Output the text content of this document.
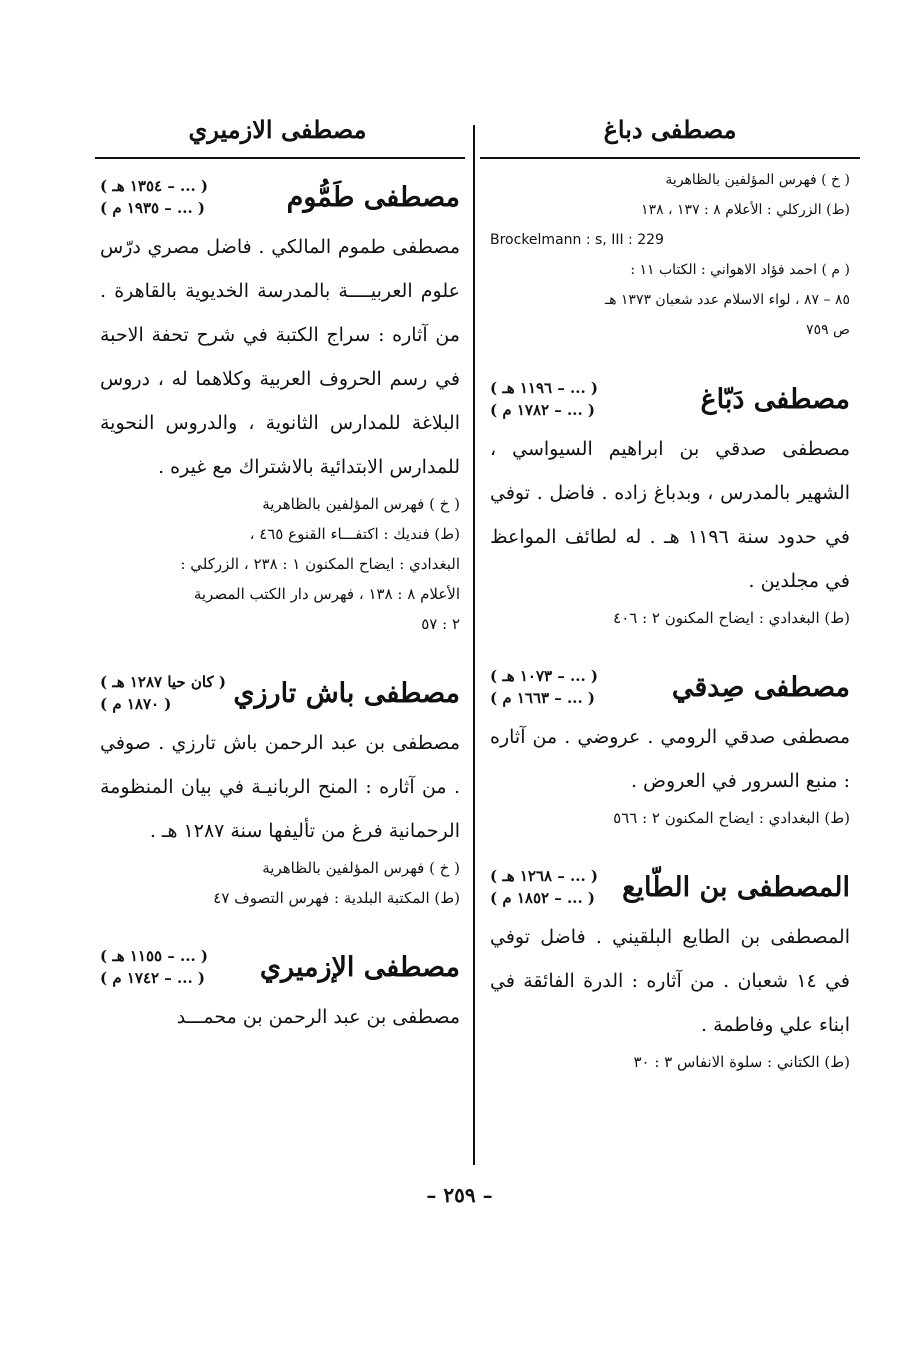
مصطفى دباغ
مصطفى الازميري
( خ ) فهرس المؤلفين بالظاهرية
(ط) الزركلي : الأعلام ٨ : ١٣٧ ، ١٣٨
Brockelmann : s, III : 229
( م ) احمد فؤاد الاهواني : الكتاب ١١ :
٨٥ – ٨٧ ، لواء الاسلام عدد شعبان ١٣٧٣ هـ
ص ٧٥٩
مصطفى دَبّاغ
( ... – ١١٩٦ هـ )
( ... – ١٧٨٢ م )
مصطفى صدقي بن ابراهيم السيواسي ، الشهير بالمدرس ، وبدباغ زاده . فاضل . توفي في حدود سنة ١١٩٦ هـ . له لطائف المواعظ في مجلدين .
(ط) البغدادي : ايضاح المكنون ٢ : ٤٠٦
مصطفى صِدقي
( ... – ١٠٧٣ هـ )
( ... – ١٦٦٣ م )
مصطفى صدقي الرومي . عروضي . من آثاره : منبع السرور في العروض .
(ط) البغدادي : ايضاح المكنون ٢ : ٥٦٦
المصطفى بن الطّايع
( ... – ١٢٦٨ هـ )
( ... – ١٨٥٢ م )
المصطفى بن الطايع البلقيني . فاضل توفي في ١٤ شعبان . من آثاره : الدرة الفائقة في ابناء علي وفاطمة .
(ط) الكتاني : سلوة الانفاس ٣ : ٣٠
مصطفى طَمُّوم
( ... – ١٣٥٤ هـ )
( ... – ١٩٣٥ م )
مصطفى طموم المالكي . فاضل مصري درّس علوم العربيــــة بالمدرسة الخديوية بالقاهرة . من آثاره : سراج الكتبة في شرح تحفة الاحبة في رسم الحروف العربية وكلاهما له ، دروس البلاغة للمدارس الثانوية ، والدروس النحوية للمدارس الابتدائية بالاشتراك مع غيره .
( خ ) فهرس المؤلفين بالظاهرية
(ط) فنديك : اكتفـــاء القنوع ٤٦٥ ،
البغدادي : ايضاح المكنون ١ : ٢٣٨ ، الزركلي :
الأعلام ٨ : ١٣٨ ، فهرس دار الكتب المصرية
٢ : ٥٧
مصطفى باش تارزي
( كان حيا ١٢٨٧ هـ )
( ١٨٧٠ م )
مصطفى بن عبد الرحمن باش تارزي . صوفي . من آثاره : المنح الربانيـة في بيان المنظومة الرحمانية فرغ من تأليفها سنة ١٢٨٧ هـ .
( خ ) فهرس المؤلفين بالظاهرية
(ط) المكتبة البلدية : فهرس التصوف ٤٧
مصطفى الإزميري
( ... – ١١٥٥ هـ )
( ... – ١٧٤٢ م )
مصطفى بن عبد الرحمن بن محمـــد
– ٢٥٩ –
